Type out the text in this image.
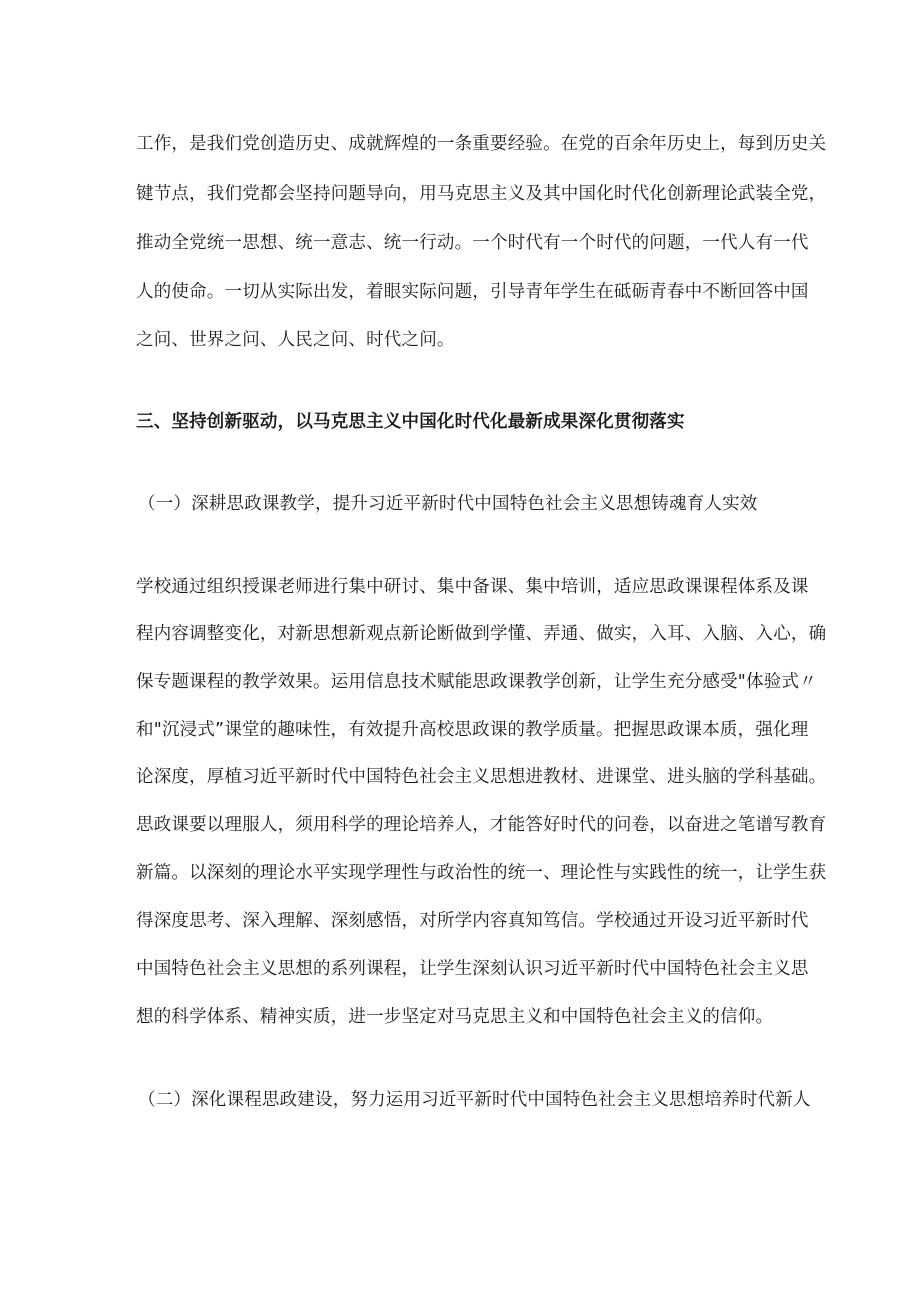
工作，是我们党创造历史、成就辉煌的一条重要经验。在党的百余年历史上，每到历史关
键节点，我们党都会坚持问题导向，用马克思主义及其中国化时代化创新理论武装全党，
推动全党统一思想、统一意志、统一行动。一个时代有一个时代的问题，一代人有一代
人的使命。一切从实际出发，着眼实际问题，引导青年学生在砥砺青春中不断回答中国
之问、世界之问、人民之问、时代之问。
三、坚持创新驱动，以马克思主义中国化时代化最新成果深化贯彻落实
（一）深耕思政课教学，提升习近平新时代中国特色社会主义思想铸魂育人实效
学校通过组织授课老师进行集中研讨、集中备课、集中培训，适应思政课课程体系及课
程内容调整变化，对新思想新观点新论断做到学懂、弄通、做实，入耳、入脑、入心，确
保专题课程的教学效果。运用信息技术赋能思政课教学创新，让学生充分感受"体验式〃
和"沉浸式”课堂的趣味性，有效提升高校思政课的教学质量。把握思政课本质，强化理
论深度，厚植习近平新时代中国特色社会主义思想进教材、进课堂、进头脑的学科基础。
思政课要以理服人，须用科学的理论培养人，才能答好时代的问卷，以奋进之笔谱写教育
新篇。以深刻的理论水平实现学理性与政治性的统一、理论性与实践性的统一，让学生获
得深度思考、深入理解、深刻感悟，对所学内容真知笃信。学校通过开设习近平新时代
中国特色社会主义思想的系列课程，让学生深刻认识习近平新时代中国特色社会主义思
想的科学体系、精神实质，进一步坚定对马克思主义和中国特色社会主义的信仰。
（二）深化课程思政建设，努力运用习近平新时代中国特色社会主义思想培养时代新人
